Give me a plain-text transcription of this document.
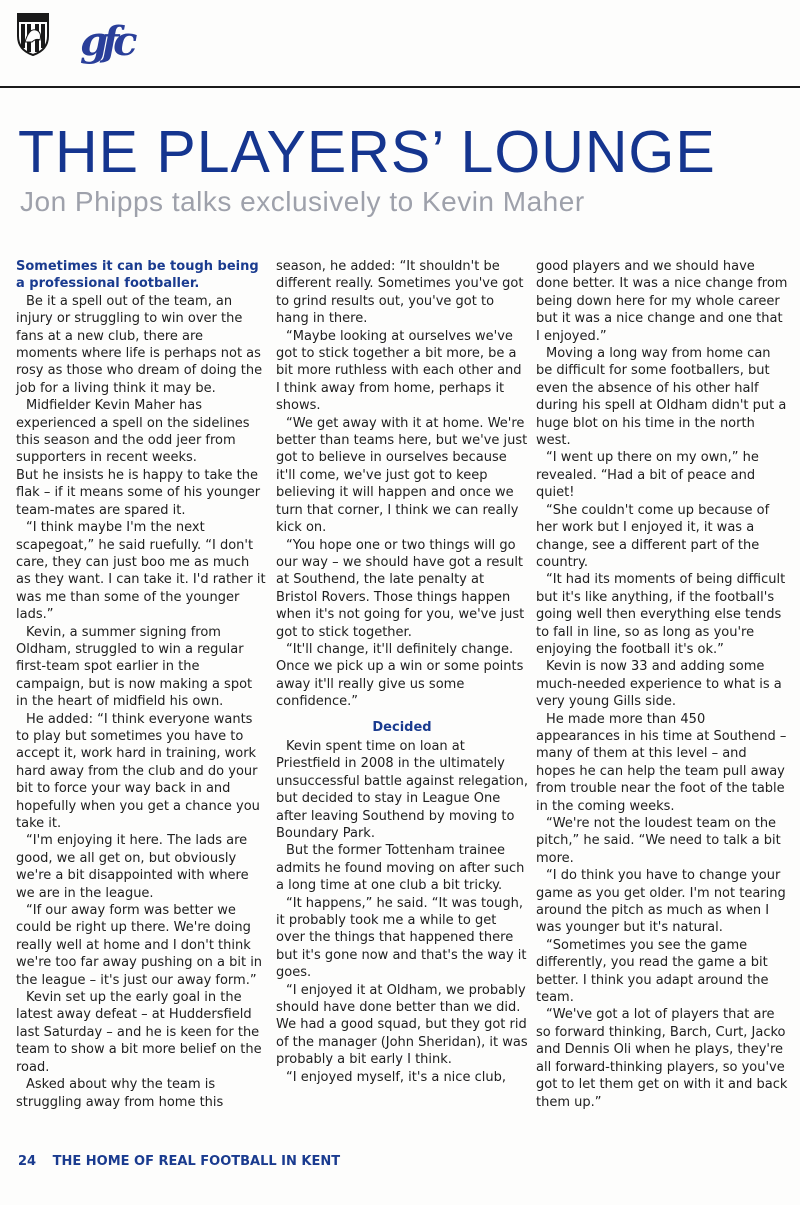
gfc
THE PLAYERS’ LOUNGE
Jon Phipps talks exclusively to Kevin Maher

Sometimes it can be tough being a professional footballer.

Be it a spell out of the team, an injury or struggling to win over the fans at a new club, there are moments where life is perhaps not as rosy as those who dream of doing the job for a living think it may be.

Midfielder Kevin Maher has experienced a spell on the sidelines this season and the odd jeer from supporters in recent weeks.

But he insists he is happy to take the flak – if it means some of his younger team-mates are spared it.

“I think maybe I'm the next scapegoat,” he said ruefully. “I don't care, they can just boo me as much as they want. I can take it. I'd rather it was me than some of the younger lads.”

Kevin, a summer signing from Oldham, struggled to win a regular first-team spot earlier in the campaign, but is now making a spot in the heart of midfield his own.

He added: “I think everyone wants to play but sometimes you have to accept it, work hard in training, work hard away from the club and do your bit to force your way back in and hopefully when you get a chance you take it.

“I'm enjoying it here. The lads are good, we all get on, but obviously we're a bit disappointed with where we are in the league.

“If our away form was better we could be right up there. We're doing really well at home and I don't think we're too far away pushing on a bit in the league – it's just our away form.”

Kevin set up the early goal in the latest away defeat – at Huddersfield last Saturday – and he is keen for the team to show a bit more belief on the road.

Asked about why the team is struggling away from home this

season, he added: “It shouldn't be different really. Sometimes you've got to grind results out, you've got to hang in there.

“Maybe looking at ourselves we've got to stick together a bit more, be a bit more ruthless with each other and I think away from home, perhaps it shows.

“We get away with it at home. We're better than teams here, but we've just got to believe in ourselves because it'll come, we've just got to keep believing it will happen and once we turn that corner, I think we can really kick on.

“You hope one or two things will go our way – we should have got a result at Southend, the late penalty at Bristol Rovers. Those things happen when it's not going for you, we've just got to stick together.

“It'll change, it'll definitely change. Once we pick up a win or some points away it'll really give us some confidence.”

Decided

Kevin spent time on loan at Priestfield in 2008 in the ultimately unsuccessful battle against relegation, but decided to stay in League One after leaving Southend by moving to Boundary Park.

But the former Tottenham trainee admits he found moving on after such a long time at one club a bit tricky.

“It happens,” he said. “It was tough, it probably took me a while to get over the things that happened there but it's gone now and that's the way it goes.

“I enjoyed it at Oldham, we probably should have done better than we did. We had a good squad, but they got rid of the manager (John Sheridan), it was probably a bit early I think.

“I enjoyed myself, it's a nice club,

good players and we should have done better. It was a nice change from being down here for my whole career but it was a nice change and one that I enjoyed.”

Moving a long way from home can be difficult for some footballers, but even the absence of his other half during his spell at Oldham didn't put a huge blot on his time in the north west.

“I went up there on my own,” he revealed. “Had a bit of peace and quiet!

“She couldn't come up because of her work but I enjoyed it, it was a change, see a different part of the country.

“It had its moments of being difficult but it's like anything, if the football's going well then everything else tends to fall in line, so as long as you're enjoying the football it's ok.”

Kevin is now 33 and adding some much-needed experience to what is a very young Gills side.

He made more than 450 appearances in his time at Southend – many of them at this level – and hopes he can help the team pull away from trouble near the foot of the table in the coming weeks.

“We're not the loudest team on the pitch,” he said. “We need to talk a bit more.

“I do think you have to change your game as you get older. I'm not tearing around the pitch as much as when I was younger but it's natural.

“Sometimes you see the game differently, you read the game a bit better. I think you adapt around the team.

“We've got a lot of players that are so forward thinking, Barch, Curt, Jacko and Dennis Oli when he plays, they're all forward-thinking players, so you've got to let them get on with it and back them up.”

24 THE HOME OF REAL FOOTBALL IN KENT
